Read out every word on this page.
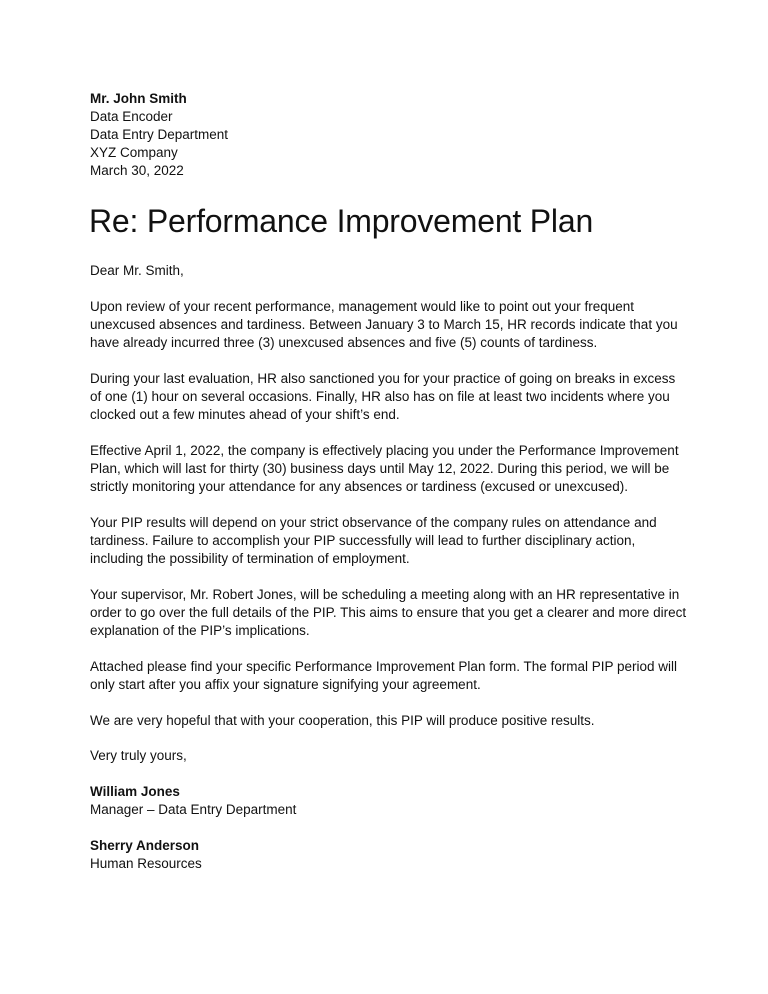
Mr. John Smith
Data Encoder
Data Entry Department
XYZ Company
March 30, 2022
Re: Performance Improvement Plan
Dear Mr. Smith,

Upon review of your recent performance, management would like to point out your frequent unexcused absences and tardiness. Between January 3 to March 15, HR records indicate that you have already incurred three (3) unexcused absences and five (5) counts of tardiness.

During your last evaluation, HR also sanctioned you for your practice of going on breaks in excess of one (1) hour on several occasions. Finally, HR also has on file at least two incidents where you clocked out a few minutes ahead of your shift’s end.

Effective April 1, 2022, the company is effectively placing you under the Performance Improvement Plan, which will last for thirty (30) business days until May 12, 2022. During this period, we will be strictly monitoring your attendance for any absences or tardiness (excused or unexcused).

Your PIP results will depend on your strict observance of the company rules on attendance and tardiness. Failure to accomplish your PIP successfully will lead to further disciplinary action, including the possibility of termination of employment.

Your supervisor, Mr. Robert Jones, will be scheduling a meeting along with an HR representative in order to go over the full details of the PIP. This aims to ensure that you get a clearer and more direct explanation of the PIP’s implications.

Attached please find your specific Performance Improvement Plan form. The formal PIP period will only start after you affix your signature signifying your agreement.

We are very hopeful that with your cooperation, this PIP will produce positive results.

Very truly yours,
William Jones
Manager – Data Entry Department
Sherry Anderson
Human Resources
